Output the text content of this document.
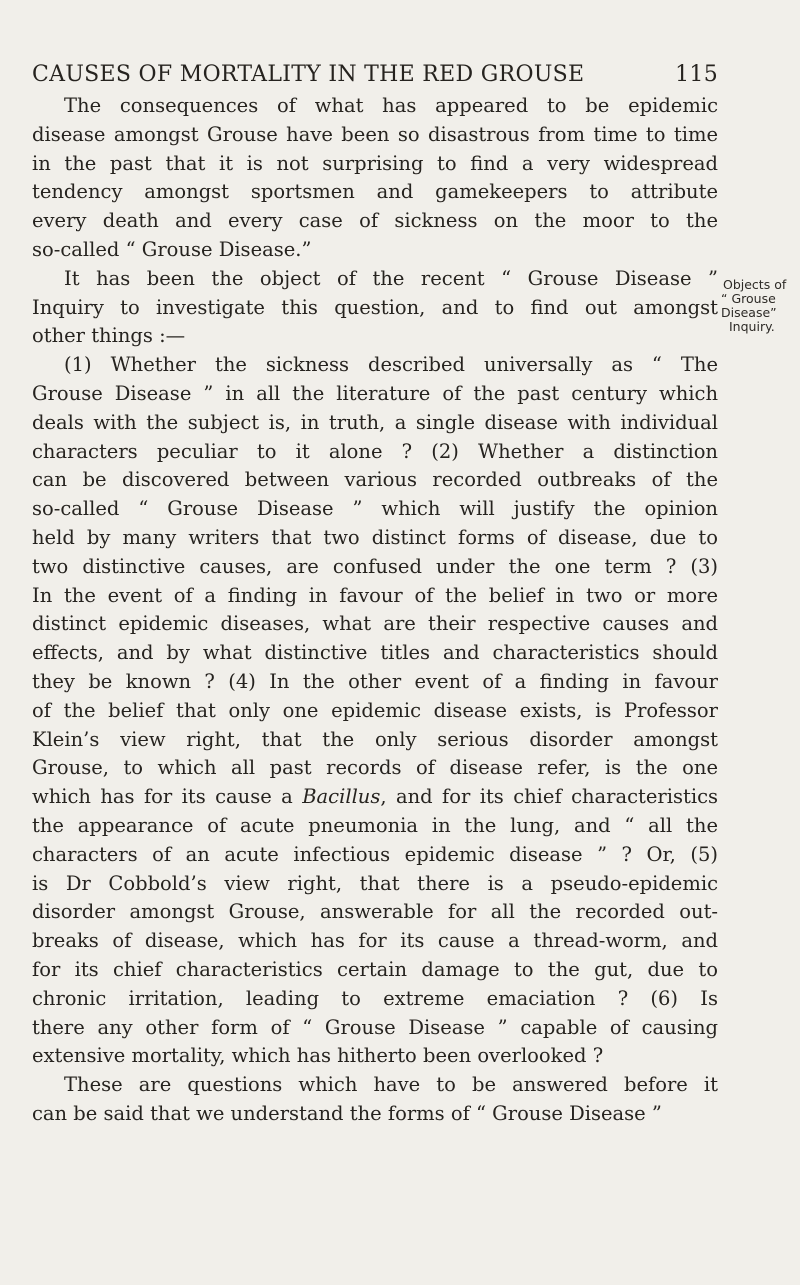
CAUSES OF MORTALITY IN THE RED GROUSE	115
The consequences of what has appeared to be epidemic
disease amongst Grouse have been so disastrous from time to time
in the past that it is not surprising to find a very widespread
tendency amongst sportsmen and gamekeepers to attribute
every death and every case of sickness on the moor to the
so-called “ Grouse Disease.”
It has been the object of the recent “ Grouse Disease ”
Inquiry to investigate this question, and to find out amongst
other things :—
(1) Whether the sickness described universally as “ The
Grouse Disease ” in all the literature of the past century which
deals with the subject is, in truth, a single disease with individual
characters peculiar to it alone ? (2) Whether a distinction
can be discovered between various recorded outbreaks of the
so-called “ Grouse Disease ” which will justify the opinion
held by many writers that two distinct forms of disease, due to
two distinctive causes, are confused under the one term ? (3)
In the event of a finding in favour of the belief in two or more
distinct epidemic diseases, what are their respective causes and
effects, and by what distinctive titles and characteristics should
they be known ? (4) In the other event of a finding in favour
of the belief that only one epidemic disease exists, is Professor
Klein’s view right, that the only serious disorder amongst
Grouse, to which all past records of disease refer, is the one
which has for its cause a Bacillus, and for its chief characteristics
the appearance of acute pneumonia in the lung, and “ all the
characters of an acute infectious epidemic disease ” ? Or, (5)
is Dr Cobbold’s view right, that there is a pseudo-epidemic
disorder amongst Grouse, answerable for all the recorded out-
breaks of disease, which has for its cause a thread-worm, and
for its chief characteristics certain damage to the gut, due to
chronic irritation, leading to extreme emaciation ? (6) Is
there any other form of “ Grouse Disease ” capable of causing
extensive mortality, which has hitherto been overlooked ?
These are questions which have to be answered before it
can be said that we understand the forms of “ Grouse Disease ”
Objects of
“ Grouse
Disease”
Inquiry.
